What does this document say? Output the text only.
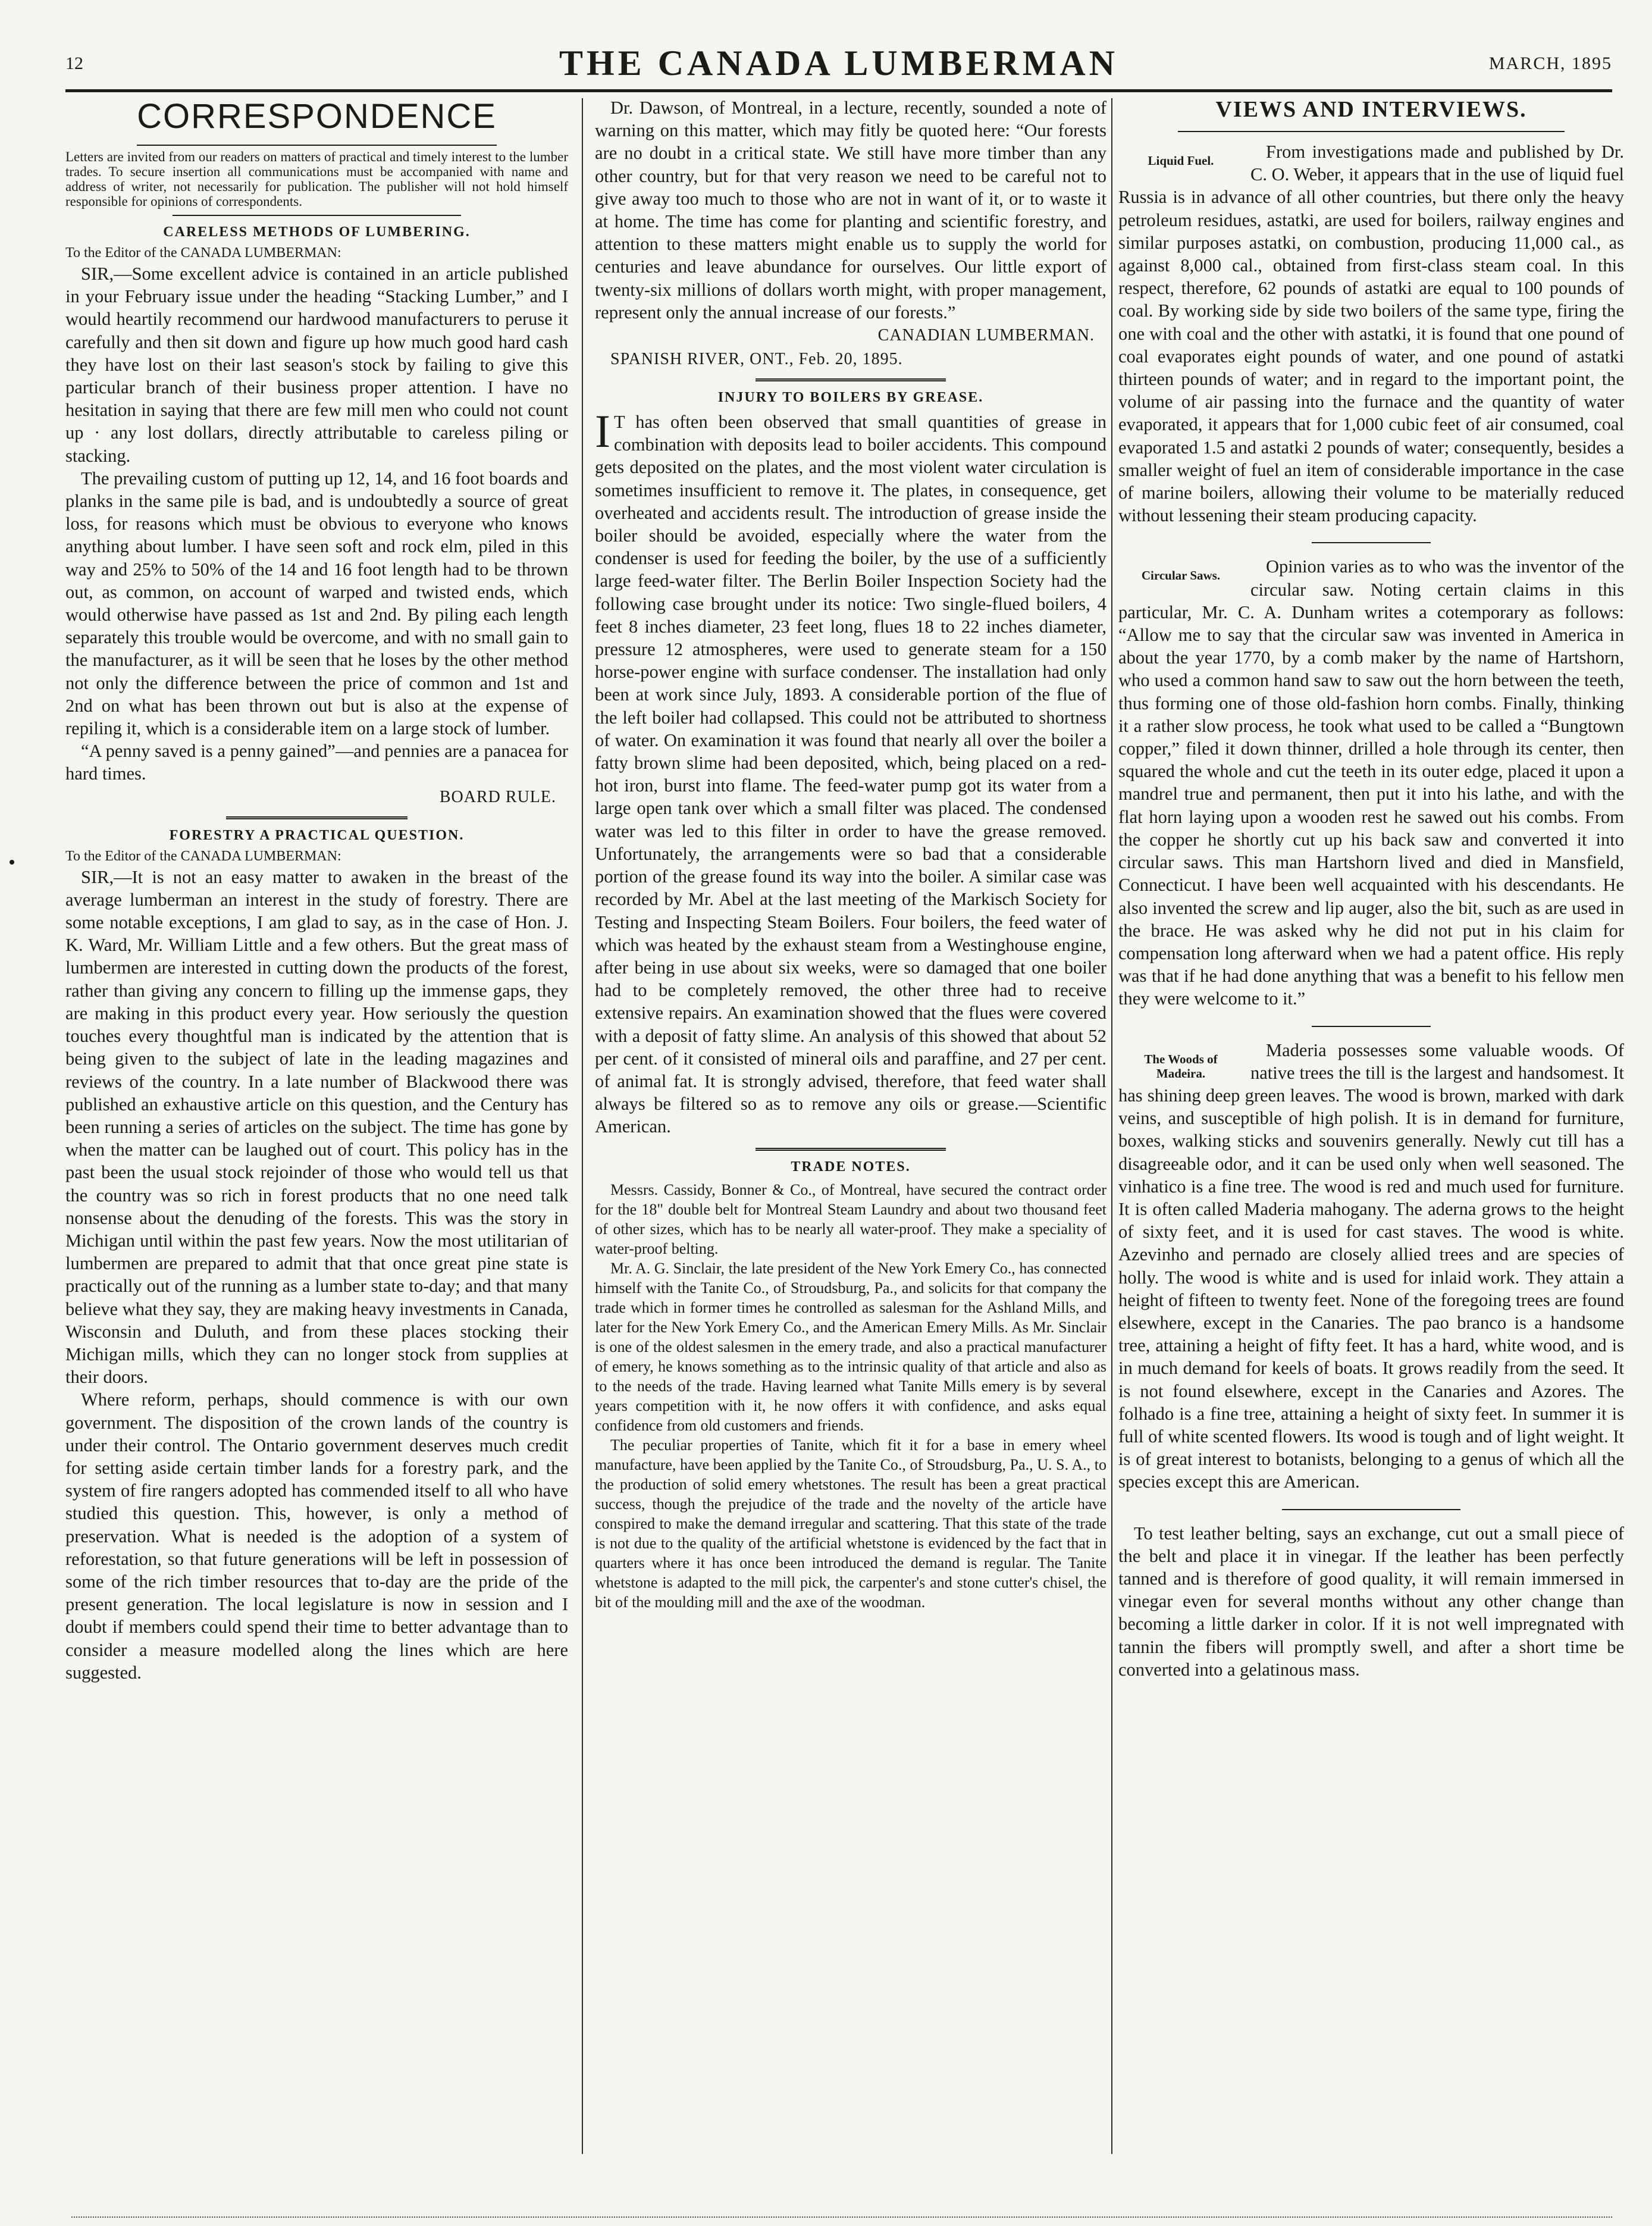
12	THE CANADA LUMBERMAN	MARCH, 1895
CORRESPONDENCE
Letters are invited from our readers on matters of practical and timely interest to the lumber trades. To secure insertion all communications must be accompanied with name and address of writer, not necessarily for publication. The publisher will not hold himself responsible for opinions of correspondents.
CARELESS METHODS OF LUMBERING.
To the Editor of the CANADA LUMBERMAN:

SIR,—Some excellent advice is contained in an article published in your February issue under the heading “Stacking Lumber,” and I would heartily recommend our hardwood manufacturers to peruse it carefully and then sit down and figure up how much good hard cash they have lost on their last season's stock by failing to give this particular branch of their business proper attention. I have no hesitation in saying that there are few mill men who could not count up · any lost dollars, directly attributable to careless piling or stacking.

The prevailing custom of putting up 12, 14, and 16 foot boards and planks in the same pile is bad, and is undoubtedly a source of great loss, for reasons which must be obvious to everyone who knows anything about lumber. I have seen soft and rock elm, piled in this way and 25% to 50% of the 14 and 16 foot length had to be thrown out, as common, on account of warped and twisted ends, which would otherwise have passed as 1st and 2nd. By piling each length separately this trouble would be overcome, and with no small gain to the manufacturer, as it will be seen that he loses by the other method not only the difference between the price of common and 1st and 2nd on what has been thrown out but is also at the expense of repiling it, which is a considerable item on a large stock of lumber.

“A penny saved is a penny gained”—and pennies are a panacea for hard times.

BOARD RULE.
FORESTRY A PRACTICAL QUESTION.
To the Editor of the CANADA LUMBERMAN:

SIR,—It is not an easy matter to awaken in the breast of the average lumberman an interest in the study of forestry. There are some notable exceptions, I am glad to say, as in the case of Hon. J. K. Ward, Mr. William Little and a few others. But the great mass of lumbermen are interested in cutting down the products of the forest, rather than giving any concern to filling up the immense gaps, they are making in this product every year. How seriously the question touches every thoughtful man is indicated by the attention that is being given to the subject of late in the leading magazines and reviews of the country. In a late number of Blackwood there was published an exhaustive article on this question, and the Century has been running a series of articles on the subject. The time has gone by when the matter can be laughed out of court. This policy has in the past been the usual stock rejoinder of those who would tell us that the country was so rich in forest products that no one need talk nonsense about the denuding of the forests. This was the story in Michigan until within the past few years. Now the most utilitarian of lumbermen are prepared to admit that that once great pine state is practically out of the running as a lumber state to-day; and that many believe what they say, they are making heavy investments in Canada, Wisconsin and Duluth, and from these places stocking their Michigan mills, which they can no longer stock from supplies at their doors.

Where reform, perhaps, should commence is with our own government. The disposition of the crown lands of the country is under their control. The Ontario government deserves much credit for setting aside certain timber lands for a forestry park, and the system of fire rangers adopted has commended itself to all who have studied this question. This, however, is only a method of preservation. What is needed is the adoption of a system of reforestation, so that future generations will be left in possession of some of the rich timber resources that to-day are the pride of the present generation. The local legislature is now in session and I doubt if members could spend their time to better advantage than to consider a measure modelled along the lines which are here suggested.

Dr. Dawson, of Montreal, in a lecture, recently, sounded a note of warning on this matter, which may fitly be quoted here: “Our forests are no doubt in a critical state. We still have more timber than any other country, but for that very reason we need to be careful not to give away too much to those who are not in want of it, or to waste it at home. The time has come for planting and scientific forestry, and attention to these matters might enable us to supply the world for centuries and leave abundance for ourselves. Our little export of twenty-six millions of dollars worth might, with proper management, represent only the annual increase of our forests.”

CANADIAN LUMBERMAN.
SPANISH RIVER, ONT., Feb. 20, 1895.
INJURY TO BOILERS BY GREASE.

I T has often been observed that small quantities of grease in combination with deposits lead to boiler accidents. This compound gets deposited on the plates, and the most violent water circulation is sometimes insufficient to remove it. The plates, in consequence, get overheated and accidents result. The introduction of grease inside the boiler should be avoided, especially where the water from the condenser is used for feeding the boiler, by the use of a sufficiently large feed-water filter. The Berlin Boiler Inspection Society had the following case brought under its notice: Two single-flued boilers, 4 feet 8 inches diameter, 23 feet long, flues 18 to 22 inches diameter, pressure 12 atmospheres, were used to generate steam for a 150 horse-power engine with surface condenser. The installation had only been at work since July, 1893. A considerable portion of the flue of the left boiler had collapsed. This could not be attributed to shortness of water. On examination it was found that nearly all over the boiler a fatty brown slime had been deposited, which, being placed on a red-hot iron, burst into flame. The feed-water pump got its water from a large open tank over which a small filter was placed. The condensed water was led to this filter in order to have the grease removed. Unfortunately, the arrangements were so bad that a considerable portion of the grease found its way into the boiler. A similar case was recorded by Mr. Abel at the last meeting of the Markisch Society for Testing and Inspecting Steam Boilers. Four boilers, the feed water of which was heated by the exhaust steam from a Westinghouse engine, after being in use about six weeks, were so damaged that one boiler had to be completely removed, the other three had to receive extensive repairs. An examination showed that the flues were covered with a deposit of fatty slime. An analysis of this showed that about 52 per cent. of it consisted of mineral oils and paraffine, and 27 per cent. of animal fat. It is strongly advised, therefore, that feed water shall always be filtered so as to remove any oils or grease.—Scientific American.

TRADE NOTES.

Messrs. Cassidy, Bonner & Co., of Montreal, have secured the contract order for the 18" double belt for Montreal Steam Laundry and about two thousand feet of other sizes, which has to be nearly all water-proof. They make a speciality of water-proof belting.

Mr. A. G. Sinclair, the late president of the New York Emery Co., has connected himself with the Tanite Co., of Stroudsburg, Pa., and solicits for that company the trade which in former times he controlled as salesman for the Ashland Mills, and later for the New York Emery Co., and the American Emery Mills. As Mr. Sinclair is one of the oldest salesmen in the emery trade, and also a practical manufacturer of emery, he knows something as to the intrinsic quality of that article and also as to the needs of the trade. Having learned what Tanite Mills emery is by several years competition with it, he now offers it with confidence, and asks equal confidence from old customers and friends.

The peculiar properties of Tanite, which fit it for a base in emery wheel manufacture, have been applied by the Tanite Co., of Stroudsburg, Pa., U. S. A., to the production of solid emery whetstones. The result has been a great practical success, though the prejudice of the trade and the novelty of the article have conspired to make the demand irregular and scattering. That this state of the trade is not due to the quality of the artificial whetstone is evidenced by the fact that in quarters where it has once been introduced the demand is regular. The Tanite whetstone is adapted to the mill pick, the carpenter's and stone cutter's chisel, the bit of the moulding mill and the axe of the woodman.

VIEWS AND INTERVIEWS.
Liquid Fuel.	From investigations made and published by Dr. C. O. Weber, it appears that in the use of liquid fuel Russia is in advance of all other countries, but there only the heavy petroleum residues, astatki, are used for boilers, railway engines and similar purposes astatki, on combustion, producing 11,000 cal., as against 8,000 cal., obtained from first-class steam coal. In this respect, therefore, 62 pounds of astatki are equal to 100 pounds of coal. By working side by side two boilers of the same type, firing the one with coal and the other with astatki, it is found that one pound of coal evaporates eight pounds of water, and one pound of astatki thirteen pounds of water; and in regard to the important point, the volume of air passing into the furnace and the quantity of water evaporated, it appears that for 1,000 cubic feet of air consumed, coal evaporated 1.5 and astatki 2 pounds of water; consequently, besides a smaller weight of fuel an item of considerable importance in the case of marine boilers, allowing their volume to be materially reduced without lessening their steam producing capacity.

Circular Saws.	Opinion varies as to who was the inventor of the circular saw. Noting certain claims in this particular, Mr. C. A. Dunham writes a cotemporary as follows: “Allow me to say that the circular saw was invented in America in about the year 1770, by a comb maker by the name of Hartshorn, who used a common hand saw to saw out the horn between the teeth, thus forming one of those old-fashion horn combs. Finally, thinking it a rather slow process, he took what used to be called a “Bungtown copper,” filed it down thinner, drilled a hole through its center, then squared the whole and cut the teeth in its outer edge, placed it upon a mandrel true and permanent, then put it into his lathe, and with the flat horn laying upon a wooden rest he sawed out his combs. From the copper he shortly cut up his back saw and converted it into circular saws. This man Hartshorn lived and died in Mansfield, Connecticut. I have been well acquainted with his descendants. He also invented the screw and lip auger, also the bit, such as are used in the brace. He was asked why he did not put in his claim for compensation long afterward when we had a patent office. His reply was that if he had done anything that was a benefit to his fellow men they were welcome to it.”

The Woods of Madeira.

Maderia possesses some valuable woods. Of native trees the till is the largest and handsomest. It has shining deep green leaves. The wood is brown, marked with dark veins, and susceptible of high polish. It is in demand for furniture, boxes, walking sticks and souvenirs generally. Newly cut till has a disagreeable odor, and it can be used only when well seasoned. The vinhatico is a fine tree. The wood is red and much used for furniture. It is often called Maderia mahogany. The aderna grows to the height of sixty feet, and it is used for cast staves. The wood is white. Azevinho and pernado are closely allied trees and are species of holly. The wood is white and is used for inlaid work. They attain a height of fifteen to twenty feet. None of the foregoing trees are found elsewhere, except in the Canaries. The pao branco is a handsome tree, attaining a height of fifty feet. It has a hard, white wood, and is in much demand for keels of boats. It grows readily from the seed. It is not found elsewhere, except in the Canaries and Azores. The folhado is a fine tree, attaining a height of sixty feet. In summer it is full of white scented flowers. Its wood is tough and of light weight. It is of great interest to botanists, belonging to a genus of which all the species except this are American.

To test leather belting, says an exchange, cut out a small piece of the belt and place it in vinegar. If the leather has been perfectly tanned and is therefore of good quality, it will remain immersed in vinegar even for several months without any other change than becoming a little darker in color. If it is not well impregnated with tannin the fibers will promptly swell, and after a short time be converted into a gelatinous mass.
